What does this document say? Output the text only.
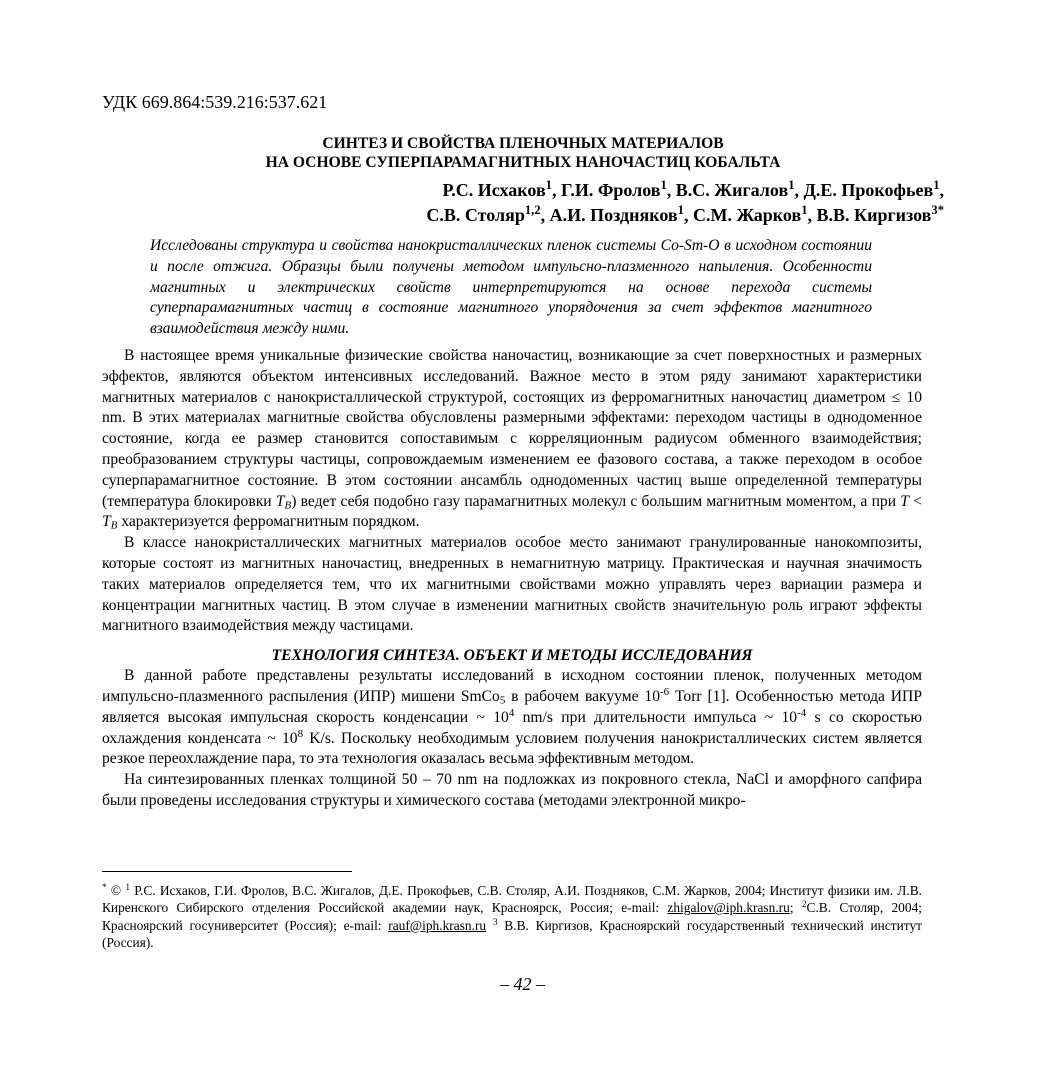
УДК 669.864:539.216:537.621
СИНТЕЗ И СВОЙСТВА ПЛЕНОЧНЫХ МАТЕРИАЛОВ
НА ОСНОВЕ СУПЕРПАРАМАГНИТНЫХ НАНОЧАСТИЦ КОБАЛЬТА
Р.С. Исхаков$^1$, Г.И. Фролов$^1$, В.С. Жигалов$^1$, Д.Е. Прокофьев$^1$,
С.В. Столяр$^{1,2}$, А.И. Поздняков$^1$, С.М. Жарков$^1$, В.В. Киргизов$^{3*}$
Исследованы структура и свойства нанокристаллических пленок системы Co-Sm-O в исходном состоянии и после отжига. Образцы были получены методом импульсно-плазменного напыления. Особенности магнитных и электрических свойств интерпретируются на основе перехода системы суперпарамагнитных частиц в состояние магнитного упорядочения за счет эффектов магнитного взаимодействия между ними.

В настоящее время уникальные физические свойства наночастиц, возникающие за счет поверхностных и размерных эффектов, являются объектом интенсивных исследований. Важное место в этом ряду занимают характеристики магнитных материалов с нанокристаллической структурой, состоящих из ферромагнитных наночастиц диаметром ≤ 10 nm. В этих материалах магнитные свойства обусловлены размерными эффектами: переходом частицы в однодоменное состояние, когда ее размер становится сопоставимым с корреляционным радиусом обменного взаимодействия; преобразованием структуры частицы, сопровождаемым изменением ее фазового состава, а также переходом в особое суперпарамагнитное состояние. В этом состоянии ансамбль однодоменных частиц выше определенной температуры (температура блокировки $T_B$) ведет себя подобно газу парамагнитных молекул с большим магнитным моментом, а при $T < T_B$ характеризуется ферромагнитным порядком.

В классе нанокристаллических магнитных материалов особое место занимают гранулированные нанокомпозиты, которые состоят из магнитных наночастиц, внедренных в немагнитную матрицу. Практическая и научная значимость таких материалов определяется тем, что их магнитными свойствами можно управлять через вариации размера и концентрации магнитных частиц. В этом случае в изменении магнитных свойств значительную роль играют эффекты магнитного взаимодействия между частицами.

ТЕХНОЛОГИЯ СИНТЕЗА. ОБЪЕКТ И МЕТОДЫ ИССЛЕДОВАНИЯ

В данной работе представлены результаты исследований в исходном состоянии пленок, полученных методом импульсно-плазменного распыления (ИПР) мишени SmCo$_5$ в рабочем вакууме $10^{-6}$ Torr [1]. Особенностью метода ИПР является высокая импульсная скорость конденсации ~ $10^4$ nm/s при длительности импульса ~ $10^{-4}$ s со скоростью охлаждения конденсата ~ $10^8$ K/s. Поскольку необходимым условием получения нанокристаллических систем является резкое переохлаждение пара, то эта технология оказалась весьма эффективным методом.

На синтезированных пленках толщиной 50 – 70 nm на подложках из покровного стекла, NaCl и аморфного сапфира были проведены исследования структуры и химического состава (методами электронной микро-

* © $^1$ Р.С. Исхаков, Г.И. Фролов, В.С. Жигалов, Д.Е. Прокофьев, С.В. Столяр, А.И. Поздняков, С.М. Жарков, 2004; Институт физики им. Л.В. Киренского Сибирского отделения Российской академии наук, Красноярск, Россия; e-mail: zhigalov@iph.krasn.ru; $^2$С.В. Столяр, 2004; Красноярский госуниверситет (Россия); e-mail: rauf@iph.krasn.ru $^3$ В.В. Киргизов, Красноярский государственный технический институт (Россия).
– 42 –
